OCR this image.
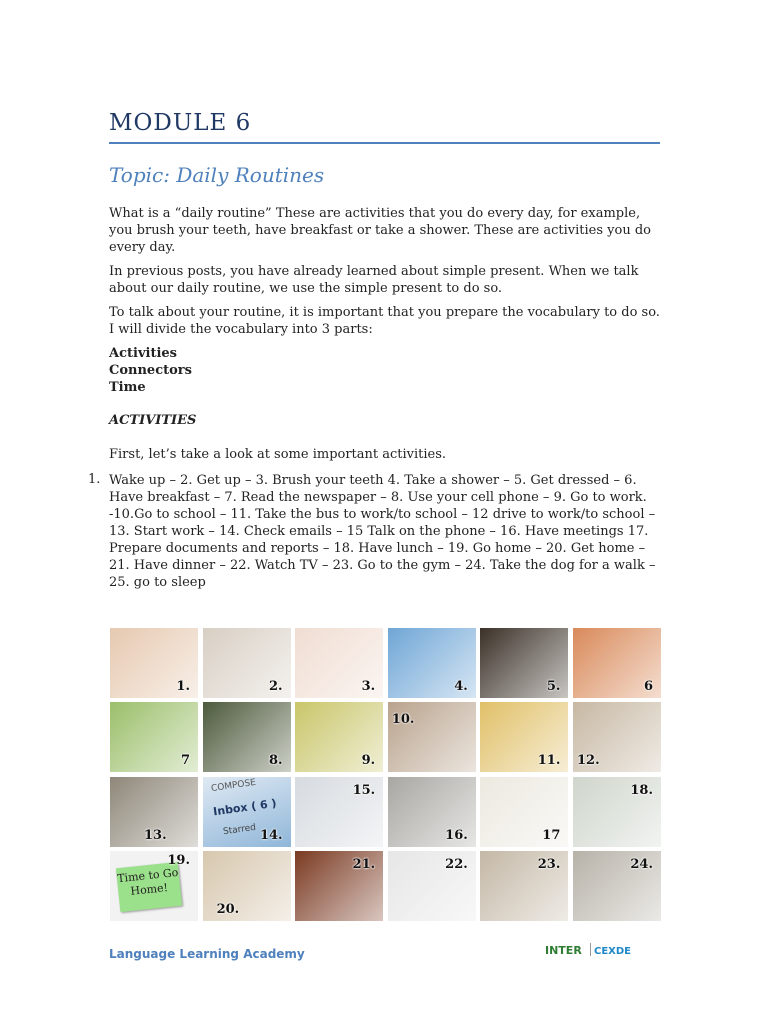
MODULE 6
Topic: Daily Routines
What is a “daily routine” These are activities that you do every day, for example, you brush your teeth, have breakfast or take a shower. These are activities you do every day.
In previous posts, you have already learned about simple present. When we talk about our daily routine, we use the simple present to do so.
To talk about your routine, it is important that you prepare the vocabulary to do so. I will divide the vocabulary into 3 parts:
Activities
Connectors
Time
ACTIVITIES
First, let’s take a look at some important activities.
1. Wake up – 2. Get up – 3. Brush your teeth 4. Take a shower – 5. Get dressed – 6. Have breakfast – 7. Read the newspaper – 8. Use your cell phone – 9. Go to work. -10.Go to school – 11. Take the bus to work/to school – 12 drive to work/to school – 13. Start work – 14. Check emails – 15 Talk on the phone – 16. Have meetings 17. Prepare documents and reports – 18. Have lunch – 19. Go home – 20. Get home – 21. Have dinner – 22. Watch TV – 23. Go to the gym – 24. Take the dog for a walk – 25. go to sleep
1.	2.	3.	4.	5.	6
7	8.	9.
10.
11. 12.
13.
COMPOSE
Inbox ( 6 )
Starred 14.
15.
16.	17
18.
Time to Go Home!
19.
20.
21.	22.	23.	24.
Language Learning Academy	INTER CEXDE
